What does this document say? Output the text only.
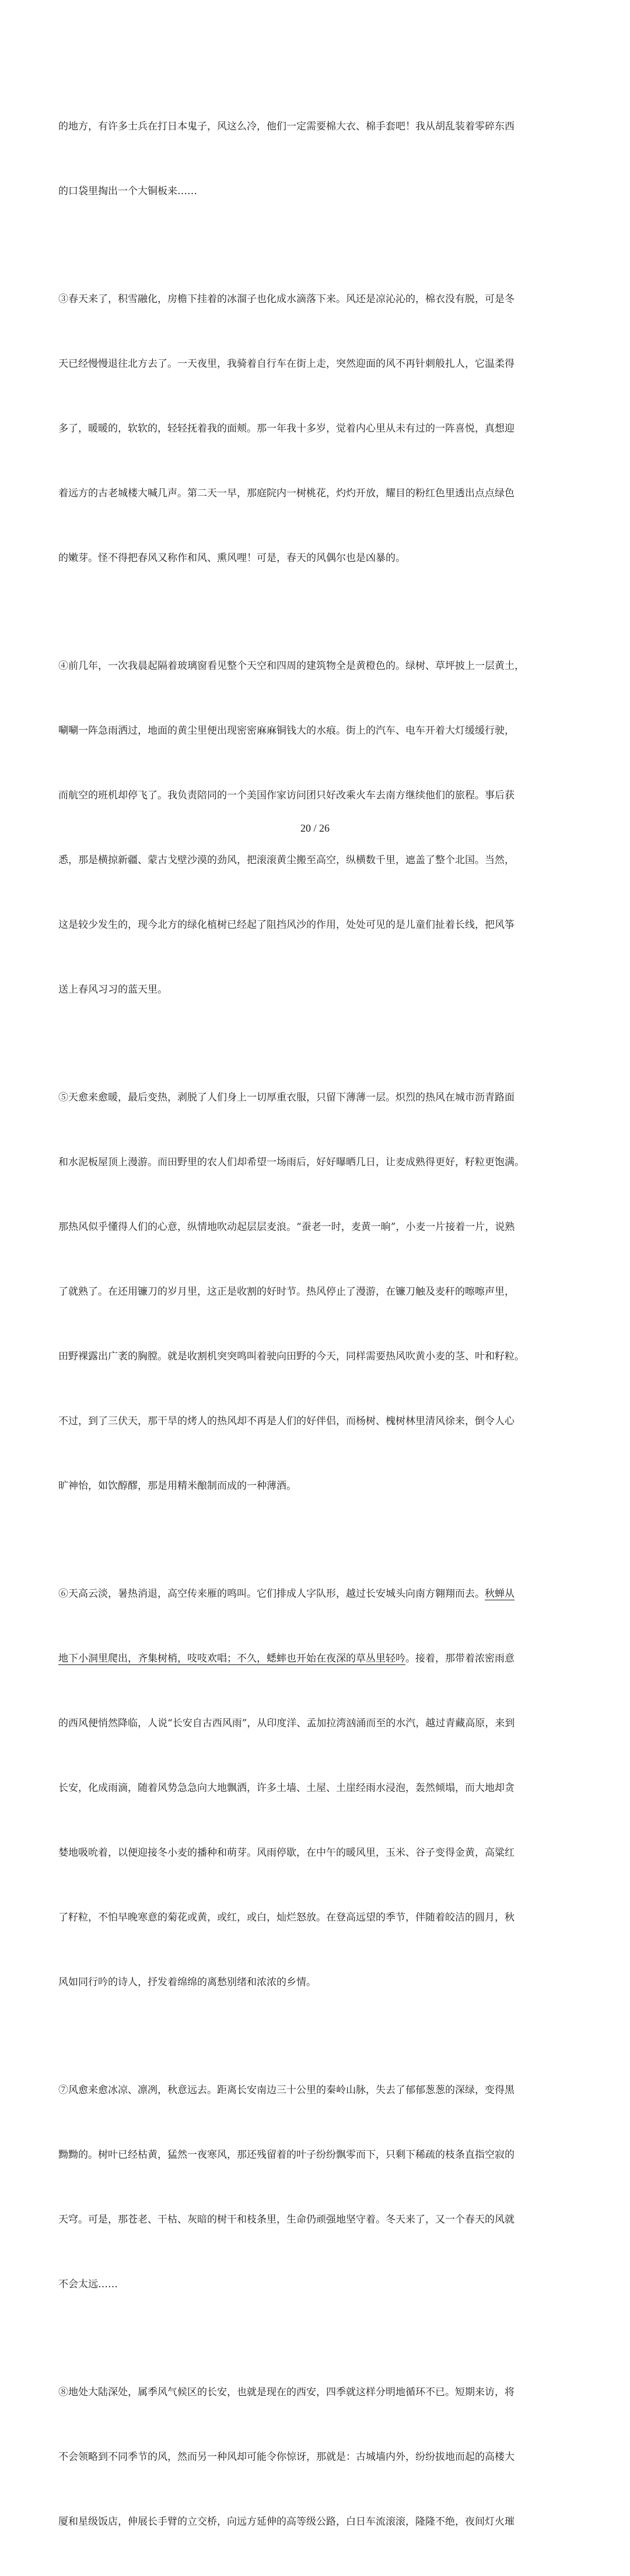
的地方，有许多士兵在打日本鬼子，风这么冷，他们一定需要棉大衣、棉手套吧！我从胡乱装着零碎东西

的口袋里掏出一个大铜板来……

③春天来了，积雪融化，房檐下挂着的冰溜子也化成水滴落下来。风还是凉沁沁的，棉衣没有脱，可是冬

天已经慢慢退往北方去了。一天夜里，我骑着自行车在街上走，突然迎面的风不再针刺般扎人，它温柔得

多了，暖暖的，软软的，轻轻抚着我的面颊。那一年我十多岁，觉着内心里从未有过的一阵喜悦，真想迎

着远方的古老城楼大喊几声。第二天一早，那庭院内一树桃花，灼灼开放，耀目的粉红色里透出点点绿色

的嫩芽。怪不得把春风又称作和风、熏风哩！可是，春天的风偶尔也是凶暴的。

④前几年，一次我晨起隔着玻璃窗看见整个天空和四周的建筑物全是黄橙色的。绿树、草坪披上一层黄土，

唰唰一阵急雨洒过，地面的黄尘里便出现密密麻麻铜钱大的水痕。街上的汽车、电车开着大灯缓缓行驶，

而航空的班机却停飞了。我负责陪同的一个美国作家访问团只好改乘火车去南方继续他们的旅程。事后获

悉，那是横掠新疆、蒙古戈壁沙漠的劲风，把滚滚黄尘搬至高空，纵横数千里，遮盖了整个北国。当然，

这是较少发生的，现今北方的绿化植树已经起了阻挡风沙的作用，处处可见的是儿童们扯着长线，把风筝

送上春风习习的蓝天里。

⑤天愈来愈暖，最后变热，剥脱了人们身上一切厚重衣服，只留下薄薄一层。炽烈的热风在城市沥青路面

和水泥板屋顶上漫游。而田野里的农人们却希望一场雨后，好好曝晒几日，让麦成熟得更好，籽粒更饱满。

那热风似乎懂得人们的心意，纵情地吹动起层层麦浪。“蚕老一时，麦黄一晌”，小麦一片接着一片，说熟

了就熟了。在还用镰刀的岁月里，这正是收割的好时节。热风停止了漫游，在镰刀触及麦秆的嚓嚓声里，

田野裸露出广袤的胸膛。就是收割机突突鸣叫着驶向田野的今天，同样需要热风吹黄小麦的茎、叶和籽粒。

不过，到了三伏天，那干旱的烤人的热风却不再是人们的好伴侣，而杨树、槐树林里清风徐来，倒令人心

旷神怡，如饮醇醪，那是用精米酿制而成的一种薄酒。

⑥天高云淡，暑热消退，高空传来雁的鸣叫。它们排成人字队形，越过长安城头向南方翱翔而去。秋蝉从

地下小洞里爬出，齐集树梢，吱吱欢唱；不久，蟋蟀也开始在夜深的草丛里轻吟。接着，那带着浓密雨意

的西风便悄然降临，人说“长安自古西风雨”，从印度洋、孟加拉湾汹涌而至的水汽，越过青藏高原，来到

长安，化成雨滴，随着风势急急向大地飘洒，许多土墙、土屋、土崖经雨水浸泡，轰然倾塌，而大地却贪

婪地吸吮着，以便迎接冬小麦的播种和萌芽。风雨停歇，在中午的暖风里，玉米、谷子变得金黄，高粱红

了籽粒，不怕早晚寒意的菊花或黄，或红，或白，灿烂怒放。在登高远望的季节，伴随着皎洁的圆月，秋

风如同行吟的诗人，抒发着绵绵的离愁别绪和浓浓的乡情。

⑦风愈来愈冰凉、凛冽，秋意远去。距离长安南边三十公里的秦岭山脉，失去了郁郁葱葱的深绿，变得黑

黝黝的。树叶已经枯黄，猛然一夜寒风，那还残留着的叶子纷纷飘零而下，只剩下稀疏的枝条直指空寂的

天穹。可是，那苍老、干枯、灰暗的树干和枝条里，生命仍顽强地坚守着。冬天来了，又一个春天的风就

不会太远……

⑧地处大陆深处，属季风气候区的长安，也就是现在的西安，四季就这样分明地循环不已。短期来访，将

不会领略到不同季节的风，然而另一种风却可能令你惊讶，那就是：古城墙内外，纷纷拔地而起的高楼大

厦和星级饭店，伸展长手臂的立交桥，向远方延伸的高等级公路，白日车流滚滚，隆隆不绝，夜间灯火璀

20 / 26
